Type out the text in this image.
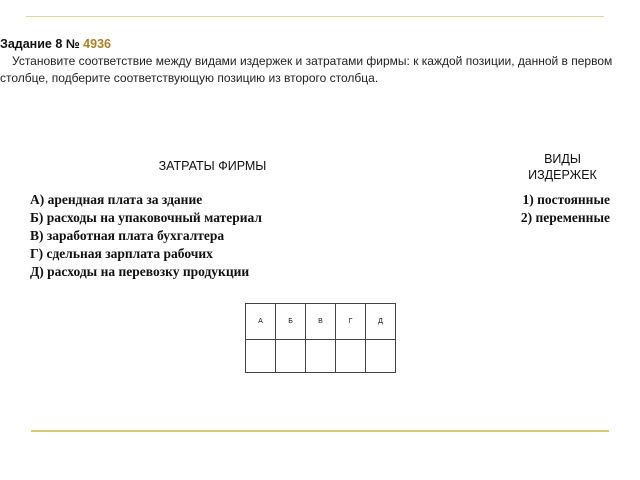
Задание 8 № 4936
Установите соответствие между видами издержек и затратами фирмы: к каждой позиции, данной в первом столбце, подберите соответствующую позицию из второго столбца.
ЗАТРАТЫ ФИРМЫ	ВИДЫ ИЗДЕРЖЕК
А) арендная плата за здание
Б) расходы на упаковочный материал
В) заработная плата бухгалтера
Г) сдельная зарплата рабочих
Д) расходы на перевозку продукции
1) постоянные
2) переменные
А	Б	В	Г	Д
